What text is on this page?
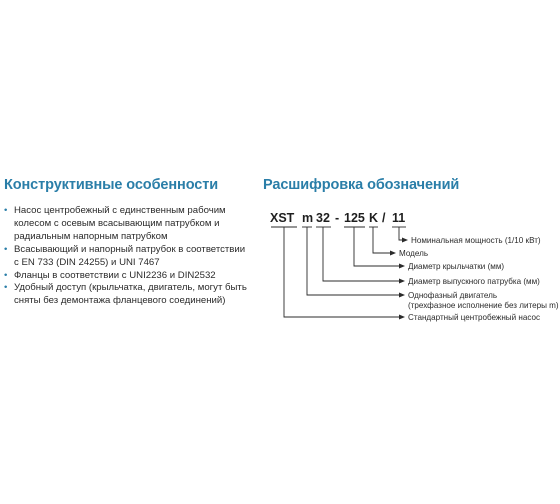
Конструктивные особенности
• Насос центробежный с единственным рабочим
колесом с осевым всасывающим патрубком и
радиальным напорным патрубком
• Всасывающий и напорный патрубок в соответствии
с EN 733 (DIN 24255) и UNI 7467
• Фланцы в соответствии с UNI2236 и DIN2532
• Удобный доступ (крыльчатка, двигатель, могут быть
сняты без демонтажа фланцевого соединений)
Расшифровка обозначений
XST m 32 - 125 K / 11
Номинальная мощность (1/10 кВт)
Модель
Диаметр крыльчатки (мм)
Диаметр выпускного патрубка (мм)
Однофазный двигатель
(трехфазное исполнение без литеры m)
Стандартный центробежный насос
